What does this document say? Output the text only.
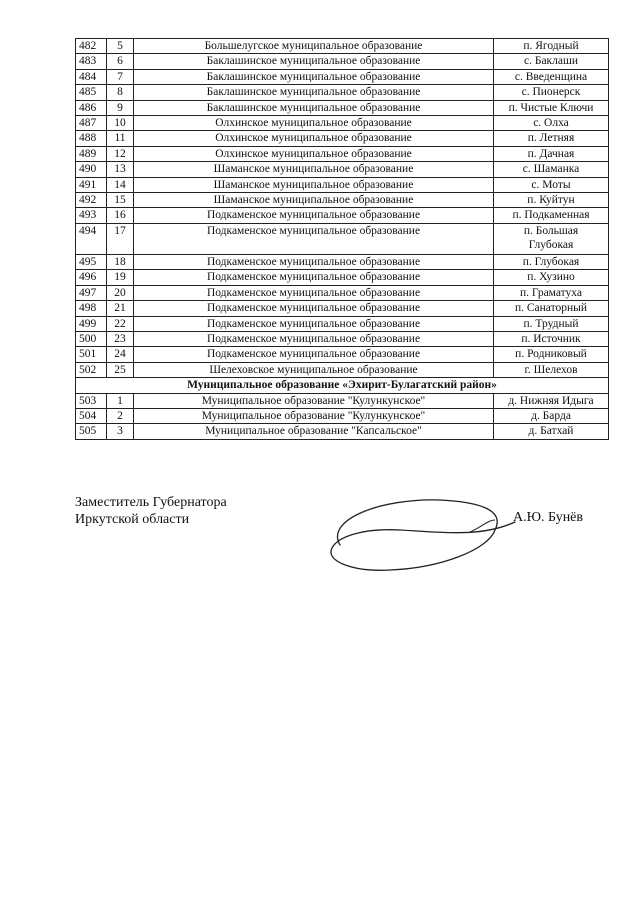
482	5	Большелугское муниципальное образование	п. Ягодный
483	6	Баклашинское муниципальное образование	с. Баклаши
484	7	Баклашинское муниципальное образование	с. Введенщина
485	8	Баклашинское муниципальное образование	с. Пионерск
486	9	Баклашинское муниципальное образование	п. Чистые Ключи
487	10	Олхинское муниципальное образование	с. Олха
488	11	Олхинское муниципальное образование	п. Летняя
489	12	Олхинское муниципальное образование	п. Дачная
490	13	Шаманское муниципальное образование	с. Шаманка
491	14	Шаманское муниципальное образование	с. Моты
492	15	Шаманское муниципальное образование	п. Куйтун
493	16	Подкаменское муниципальное образование	п. Подкаменная
494	17	Подкаменское муниципальное образование	п. Большая
Глубокая
495	18	Подкаменское муниципальное образование	п. Глубокая
496	19	Подкаменское муниципальное образование	п. Хузино
497	20	Подкаменское муниципальное образование	п. Граматуха
498	21	Подкаменское муниципальное образование	п. Санаторный
499	22	Подкаменское муниципальное образование	п. Трудный
500	23	Подкаменское муниципальное образование	п. Источник
501	24	Подкаменское муниципальное образование	п. Родниковый
502	25	Шелеховское муниципальное образование	г. Шелехов
Муниципальное образование «Эхирит-Булагатский район»			
503	1	Муниципальное образование "Кулункунское"	д. Нижняя Идыга
504	2	Муниципальное образование "Кулункунское"	д. Барда
505	3	Муниципальное образование "Капсальское"	д. Батхай
Заместитель Губернатора
Иркутской области	А.Ю. Бунёв
